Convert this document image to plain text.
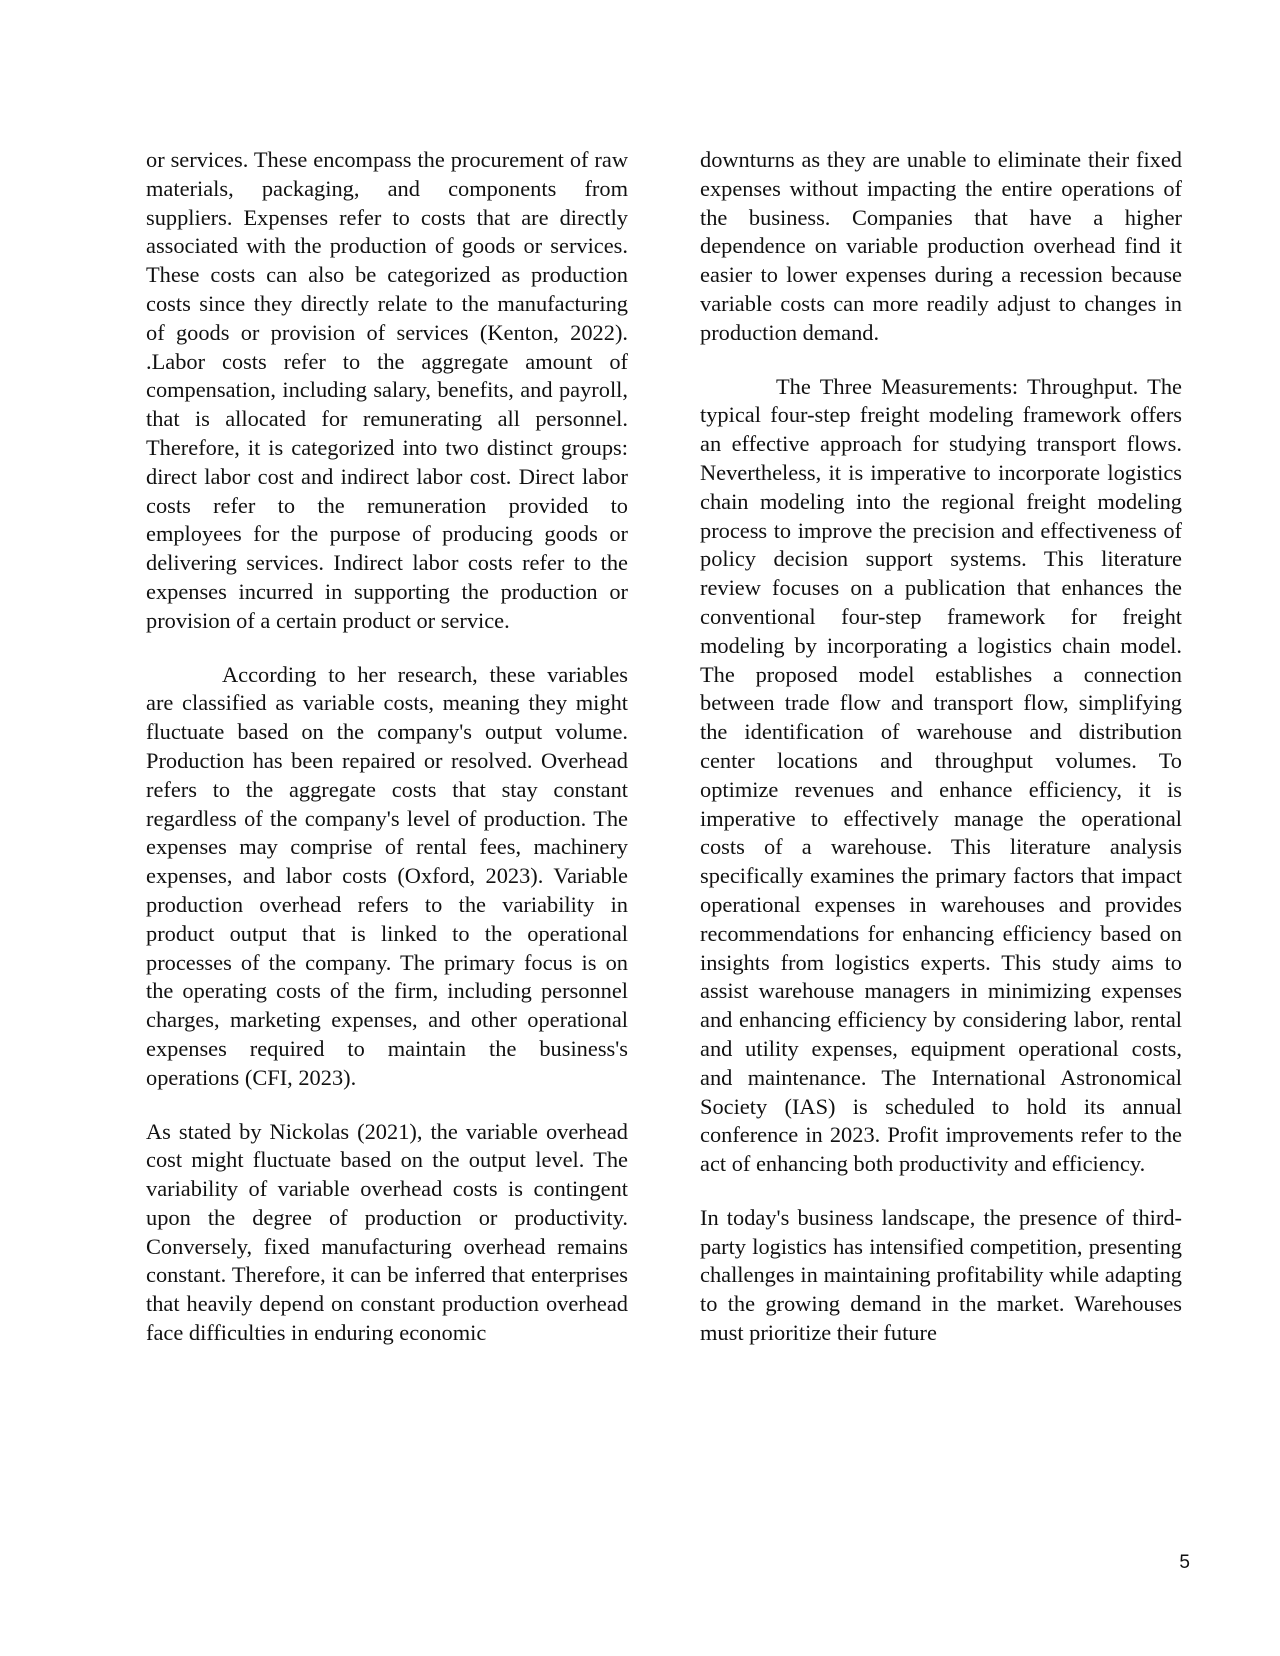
or services. These encompass the procurement of raw materials, packaging, and components from suppliers. Expenses refer to costs that are directly associated with the production of goods or services. These costs can also be categorized as production costs since they directly relate to the manufacturing of goods or provision of services (Kenton, 2022). .Labor costs refer to the aggregate amount of compensation, including salary, benefits, and payroll, that is allocated for remunerating all personnel. Therefore, it is categorized into two distinct groups: direct labor cost and indirect labor cost. Direct labor costs refer to the remuneration provided to employees for the purpose of producing goods or delivering services. Indirect labor costs refer to the expenses incurred in supporting the production or provision of a certain product or service.

According to her research, these variables are classified as variable costs, meaning they might fluctuate based on the company's output volume. Production has been repaired or resolved. Overhead refers to the aggregate costs that stay constant regardless of the company's level of production. The expenses may comprise of rental fees, machinery expenses, and labor costs (Oxford, 2023). Variable production overhead refers to the variability in product output that is linked to the operational processes of the company. The primary focus is on the operating costs of the firm, including personnel charges, marketing expenses, and other operational expenses required to maintain the business's operations (CFI, 2023).

As stated by Nickolas (2021), the variable overhead cost might fluctuate based on the output level. The variability of variable overhead costs is contingent upon the degree of production or productivity. Conversely, fixed manufacturing overhead remains constant. Therefore, it can be inferred that enterprises that heavily depend on constant production overhead face difficulties in enduring economic

downturns as they are unable to eliminate their fixed expenses without impacting the entire operations of the business. Companies that have a higher dependence on variable production overhead find it easier to lower expenses during a recession because variable costs can more readily adjust to changes in production demand.

The Three Measurements: Throughput. The typical four-step freight modeling framework offers an effective approach for studying transport flows. Nevertheless, it is imperative to incorporate logistics chain modeling into the regional freight modeling process to improve the precision and effectiveness of policy decision support systems. This literature review focuses on a publication that enhances the conventional four-step framework for freight modeling by incorporating a logistics chain model. The proposed model establishes a connection between trade flow and transport flow, simplifying the identification of warehouse and distribution center locations and throughput volumes. To optimize revenues and enhance efficiency, it is imperative to effectively manage the operational costs of a warehouse. This literature analysis specifically examines the primary factors that impact operational expenses in warehouses and provides recommendations for enhancing efficiency based on insights from logistics experts. This study aims to assist warehouse managers in minimizing expenses and enhancing efficiency by considering labor, rental and utility expenses, equipment operational costs, and maintenance. The International Astronomical Society (IAS) is scheduled to hold its annual conference in 2023. Profit improvements refer to the act of enhancing both productivity and efficiency.

In today's business landscape, the presence of third-party logistics has intensified competition, presenting challenges in maintaining profitability while adapting to the growing demand in the market. Warehouses must prioritize their future

5
